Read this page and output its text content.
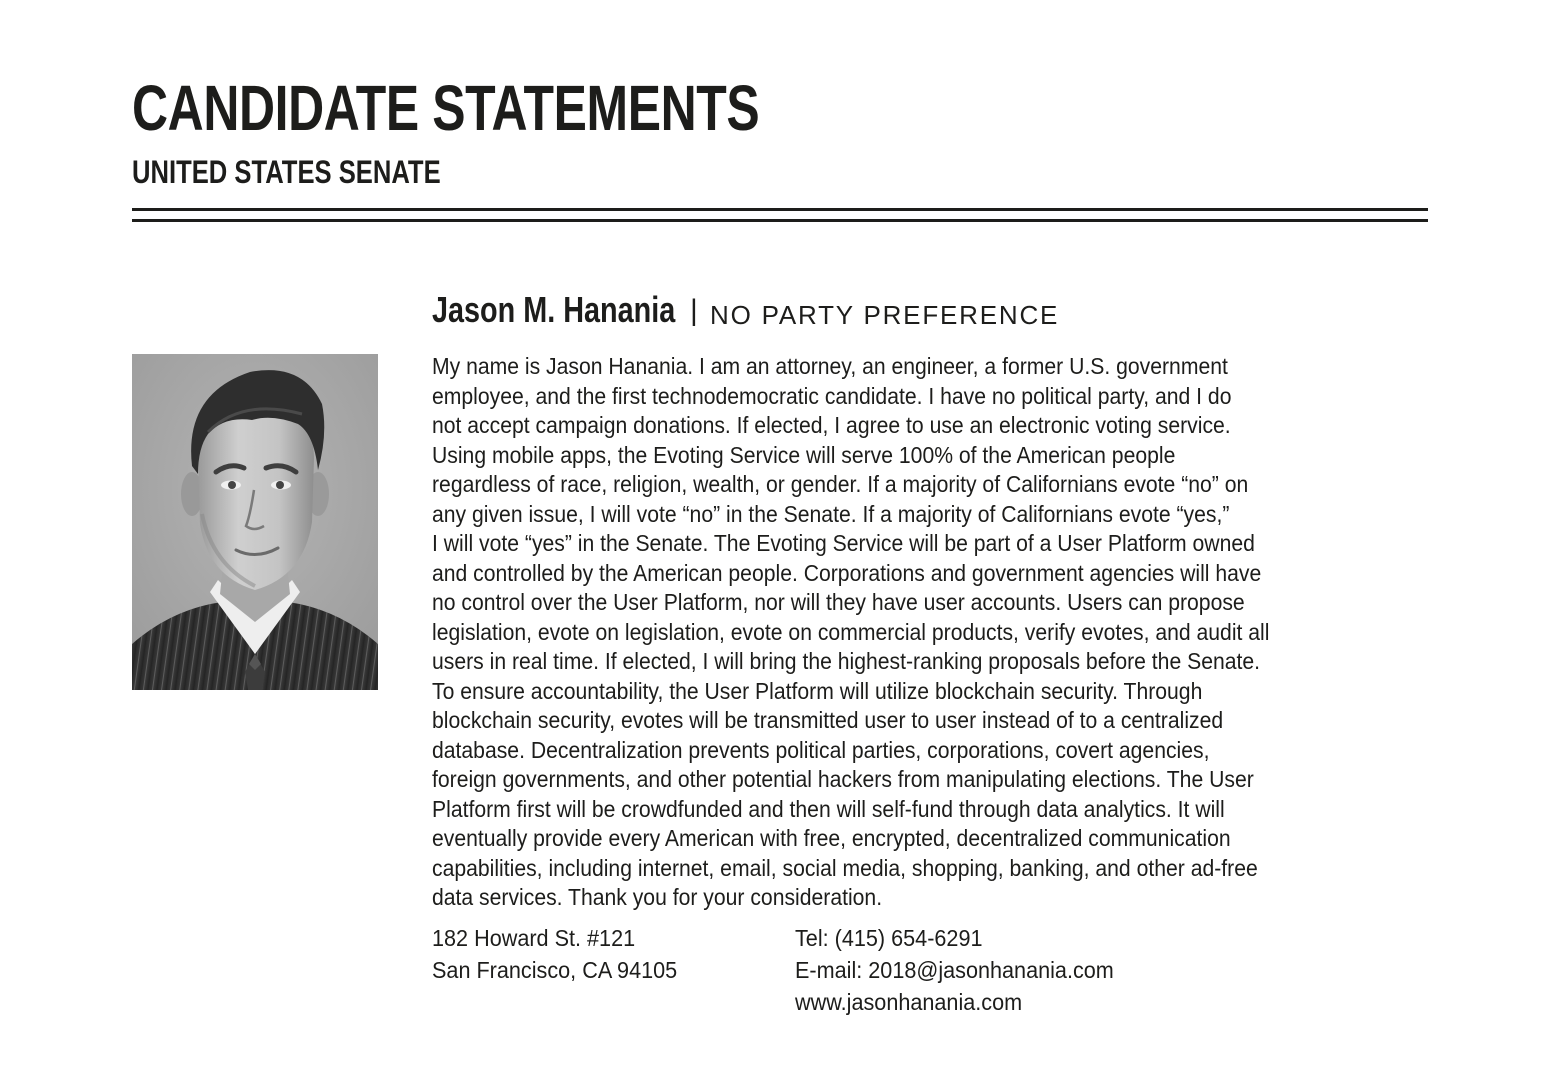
CANDIDATE STATEMENTS
UNITED STATES SENATE
Jason M. Hanania | NO PARTY PREFERENCE
My name is Jason Hanania. I am an attorney, an engineer, a former U.S. government
employee, and the first technodemocratic candidate. I have no political party, and I do
not accept campaign donations. If elected, I agree to use an electronic voting service.
Using mobile apps, the Evoting Service will serve 100% of the American people
regardless of race, religion, wealth, or gender. If a majority of Californians evote “no” on
any given issue, I will vote “no” in the Senate. If a majority of Californians evote “yes,”
I will vote “yes” in the Senate. The Evoting Service will be part of a User Platform owned
and controlled by the American people. Corporations and government agencies will have
no control over the User Platform, nor will they have user accounts. Users can propose
legislation, evote on legislation, evote on commercial products, verify evotes, and audit all
users in real time. If elected, I will bring the highest-ranking proposals before the Senate.
To ensure accountability, the User Platform will utilize blockchain security. Through
blockchain security, evotes will be transmitted user to user instead of to a centralized
database. Decentralization prevents political parties, corporations, covert agencies,
foreign governments, and other potential hackers from manipulating elections. The User
Platform first will be crowdfunded and then will self-fund through data analytics. It will
eventually provide every American with free, encrypted, decentralized communication
capabilities, including internet, email, social media, shopping, banking, and other ad-free
data services. Thank you for your consideration.
182 Howard St. #121
San Francisco, CA 94105
Tel: (415) 654-6291
E-mail: 2018@jasonhanania.com
www.jasonhanania.com
